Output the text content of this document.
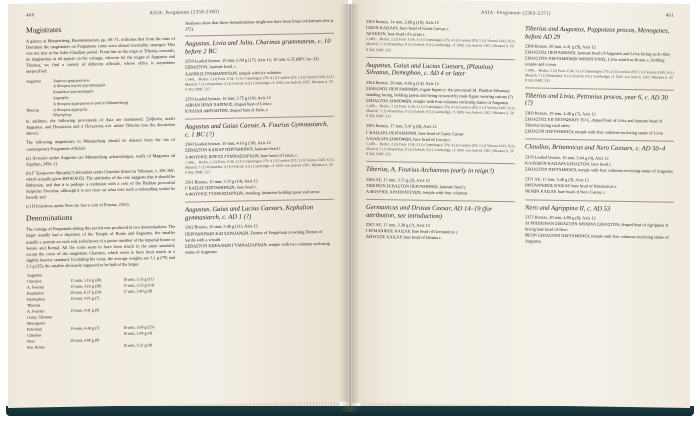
400	ASIA: Pergamum (2358-2360)
Magistrates

A glance at Münsterberg, Beamtennamen, pp. 69–71, indicates that from the time of Domitian the magistrates on Pergamene coins were almost invariably strategoi. This was not true in the Julio-Claudian period. From late in the reign of Tiberius onwards, no magistrates at all appear on the coinage, whereas for the reigns of Augustus and Tiberius, we find a variety of different officials, whose office is sometimes unspecified:

Augustus	Χαρίνος γραμματεύων
Α Φουριος ἱερεὺς γυμνασιαρχῶν
Κεφαλίων γυμνασιαρχῶν
Δημοφῶν
Α Φουριος ἀρχιερατεύων (not in Münsterberg)

Tiberius	Α Φουριος ἀρχιερεύς
Μηνογένης

In addition, the following proconsuls of Asia are mentioned: Σιλβανός under Augustus, and Πετρώνιος and ὁ Πετρώνιος κτλ. under Tiberius (see the discussion above).

The following magistrates in Münsterberg should be deleted from the list of contemporary Pergamene officials:

(a) Ἀντιφῶν under Augustus (so Münsterberg acknowledges, really of Magnesia ad Sipylum, 2450–1).

(b) Γ Τρυφωνιον Βρυχᾶς(?) defendant under Claudius (listed as 'Mionnet, v. 296 369', which actually gives ΒΡΟΚΧΟΣ). The similarity of the coin suggests that it should be Bithynian, and that it is perhaps a confusion with a coin of the Hadrian proconsul Sulpicius Proculus, although it is not clear on what coin such a misreading would be based); and

(c) Η Ιουλιάνος under Nero (in fact a coin of Prusias, 2361).

Denominations

The coinage of Pergamum during this period was produced in two denominations. The larger usually had a depiction of the Temple of Roma and Augustus, the smaller usually a portrait on each side (whichever of a junior member of the imperial house or Senate and Roma). All the coins seem to have been struck to the same standard, except the coins of the magistrate Charinos, which seem to have been struck at a slightly heavier standard. Excluding his coins, the average weights are 3.1 g (79) and 3.3 g (35), the smaller obviously supposed to be half of the larger.

Augustus		
Charinos	15 mm, 5.16 g (20)	18 mm, 3.33 g (11)
A. Fourius	19 mm, 4.63 g (30)	15 mm, 3.33 g (14)
Kephalion	20 mm, 6.57 g (24)	17 mm, 3.40 g (8)
Demophon	16 mm, 4.05 g (7)	
Tiberius		
A. Fourius	19 mm, 4.41 g (9)	
Gaius, Silvanus		
Menogenes		
Petronius	19 mm, 4.48 g (7)	16 mm, 3.66 g (25)
Claudius		16 mm, 3.44 g (4)
Nero	20 mm, 4.80 g (8)	
Sen. Roma		16 mm, 3.31 g (8)

Analyses show that these denominations might not have been brass orichalcum (see p. 375).

Augustus, Livia and Julia, Charinos grammateus, c. 10 before 2 BC
2358 Leaded bronze, 19 mm, 6.04 g (17), Axis 12; 10 mm, 6.35 (RPC no. 22)
ΣΕΒΑΣΤΟΝ, laureate head, r.
ΧΑΡΙΝΟΣ ΓΡΑΜΜΑΤΕΥΩΝ, temple with six columns
1 (40)... ·Berlin; 2 (2) Paris 1134; 3 (1) Copenhagen 279; 4 (1) London 203; 5 (1) Vienna 3345; 6 (1) Munich; 7 (1) Winterthur; 8 (1) Oxford; 9 (1) Cambridge; cf. SNG von Aulock 1367; Mionnet ii. 598 562; BMC 233
2359 Leaded bronze, 16 mm, 3.75 g (10), Axis 12
ΛΙΒΙΑΝ ΗΡΑΝ ΧΑΡΙΝΟΣ, draped bust of Livia r.
ΙΟΥΛΙΑΝ ΑΦΡΟΔΙΤΗΝ, draped bust of Julia, r.
Augustus and Gaius Caesar, A. Fourius Gymnasiarch, c. 1 BC (?)
2360 Leaded bronze, 19 mm, 4.63 g (30), Axis 12
ΣΕΒΑΣΤΟΝ ΚΑΙΣΑΡ ΠΕΡΓΑΜΗΝΟΙ, laureate head r.
Α ΦΟΥΡΙΟΣ ΙΕΡΕΥΣ ΓΥΜΝΑΣΙΑΡΧΩΝ, bare head of Gaius, r.
1 (40)... ·Berlin; 2 (2) Paris 1134; 3 (1) Copenhagen 279; 4 (1) London 203; 5 (1) Vienna 3345; 6 (1) Munich; 7 (1) Winterthur; 8 (1) Oxford; 9 (1) Cambridge; cf. SNG von Aulock 1367; Mionnet ii. 598 562; BMC 233
2361 Bronze, 15 mm, 3.33 g (14), Axis 12
Γ ΚΑΙΣΑΡ ΠΕΡΓΑΜΗΝΩΝ, bare head r.
Α ΦΟΥΡΙΟΣ ΓΥΜΝΑΣΙΑΡΧΩΝ, standing, himation holding spear and arrow
Augustus, Gaius and Lucius Caesars, Kephalion gymnasiarch, c. AD 1 (?)
2362 Bronze, 20 mm, 5.46 g (11), Axis 12
ΠΕΡΓΑΜΗΝΩΝ ΚΑΙ ΣΑΡΔΙΑΝΩΝ, Demos of Pergamum crowning Demos of Sardis with a wreath
ΣΕΒΑΣΤΟΝ ΚΕΦΑΛΙΩΝ ΓΥΜΝΑΣΙΑΡΧΩΝ, temple with two columns enclosing statue of Augustus
ASIA: Pergamum (2363-2371)	401
2363 Bronze, 14 mm, 2.89 g (10), Axis 12
ΓΑΙΟΝ ΚΑΙΣΑΡΑ, bare head of Gaius Caesar, r.
ΛΕΥΚΙΟΝ, bare head of Lucius r.
1 (40)... ·Berlin; 2 (2) Paris 1134; 3 (1) Copenhagen 279; 4 (1) London 203; 5 (1) Vienna 3345; 6 (1) Munich; 7 (1) Winterthur; 8 (1) Oxford; 9 (1) Cambridge; cf. SNG von Aulock 1367; Mionnet ii. 598 562; BMC 233
Augustus, Gaius and Lucius Caesars, (Plautius) Silvanus, Demophon, c. AD 4 or later
2364 Bronze, 20 mm, 4.66 g (14), Axis 12
ΣΙΛΒΑΝΟΣ ΠΕΡΓΑΜΗΝΩΝ, togate figure (= the proconsul M. Plautius Silvanus) standing facing, holding patera and being crowned by male figure wearing cuirass (?)
ΣΕΒΑΣΤΟΝ ΔΗΜΟΦΩΝ, temple with four columns enclosing statue of Augustus
1 (40)... ·Berlin; 2 (2) Paris 1134; 3 (1) Copenhagen 279; 4 (1) London 203; 5 (1) Vienna 3345; 6 (1) Munich; 7 (1) Winterthur; 8 (1) Oxford; 9 (1) Cambridge; cf. SNG von Aulock 1367; Mionnet ii. 598 562; BMC 233
2365 Bronze, 17 mm, 3.47 g (8), Axis 12
Γ ΚΑΙΣΑΡΑ ΠΕΡΓΑΜΗΝΟΙ, bare head of Gaius Caesar
Λ ΚΑΙΣΑΡΑ ΔΗΜΟΦΩΝ, bare head of Lucius r.
1 (40)... ·Berlin; 2 (2) Paris 1134; 3 (1) Copenhagen 279; 4 (1) London 203; 5 (1) Vienna 3345; 6 (1) Munich; 7 (1) Winterthur; 8 (1) Oxford; 9 (1) Cambridge; cf. SNG von Aulock 1367; Mionnet ii. 598 562; BMC 233
Tiberius, A. Fourius Archiereus (early in reign?)
2366 AE, 17 mm, 3.71 g (2), Axis 12
ΤΙΒΕΡΙΟΝ ΣΕΒΑΣΤΟΝ ΠΕΡΓΑΜΗΝΟΙ, laureate head r.
Α ΦΟΥΡΙΟΣ ΑΡΧΙΕΡΑΤΕΥΩΝ, temple with four columns
Germanicus and Drusus Caesar, AD 14–19 (for attribution, see introduction)
2367 AE, 17 mm, 3.38 g (7), Axis 12
ΓΕΡΜΑΝΙΚΟΣ ΚΑΙΣΑΡ, bare head of Germanicus r.
ΔΡΟΥΣΟΣ ΚΑΙΣΑΡ, bare head of Drusus r.
Tiberius and Augustus, Pappoteos procos, Menogenes, before AD 29
2368 Bronze, 20 mm, 4.41 g (9), Axis 12
ΣΕΒΑΣΤΟΣ ΠΕΡΓΑΜΗΝΟΙ, laureate head of Augustus and Livia facing each other
ΣΕΒΑΣΤΟΝ ΠΕΡΓΑΜΗΝΩΝ ΜΗΝΟΓΕΝΗΣ, Livia seated as Roma, r., holding sceptre and crown
1 (40)... ·Berlin; 2 (2) Paris 1134; 3 (1) Copenhagen 279; 4 (1) London 203; 5 (1) Vienna 3345; 6 (1) Munich; 7 (1) Winterthur; 8 (1) Oxford; 9 (1) Cambridge; cf. SNG von Aulock 1367; Mionnet ii. 598 562; BMC 233
Tiberius and Livia, Petronius procos, year 6, c. AD 30 (?)
2369 Bronze, 19 mm, 4.48 g (7), Axis 12
ΣΕΒΑΣΤΟΣ ΕΠ ΠΕΤΡΩΝΙΟΥ ΤΟ Ϛ, draped bust of Livia and laureate head of Tiberius facing each other
ΣΕΒΑΣΤΗ ΠΕΡΓΑΜΗΝΟΙ, temple with four columns enclosing statue of Livia
Claudius, Britannicus and Nero Caesars, c. AD 50–4
2370 Leaded bronze, 16 mm, 3.44 g (4), Axis 12
ΚΛΑΥΔΙΟΝ ΚΑΙΣΑΡΑ ΣΕΒΑΣΤΟΝ, bare head r.
ΣΕΒΑΣΤΟΝ ΠΕΡΓΑΜΗΝΟΙ, temple with four columns enclosing statue of Augustus
2371 AE, 17 mm, 3.40 g (3), Axis 12
ΒΡΙΤΑΝΝΙΚΟΣ ΚΑΙΣΑΡ, bare head of Britannicus r.
ΝΕΡΩΝ ΚΑΙΣΑΡ, bare head of Nero Caesar, r.
Nero and Agrippina II, c. AD 53
2372 Bronze, 20 mm, 4.80 g (8), Axis 12
ΑΓΡΙΠΠΕΙΝΑΝ ΣΕΒΑΣΤΗΝ ΝΕΡΩΝΑ ΣΕΒΑΣΤΟΝ, draped bust of Agrippina II facing bare head of Nero
ΘΕΟΝ ΣΕΒΑΣΤΟΝ ΠΕΡΓΑΜΗΝΟΙ, temple with four columns enclosing statue of Augustus
